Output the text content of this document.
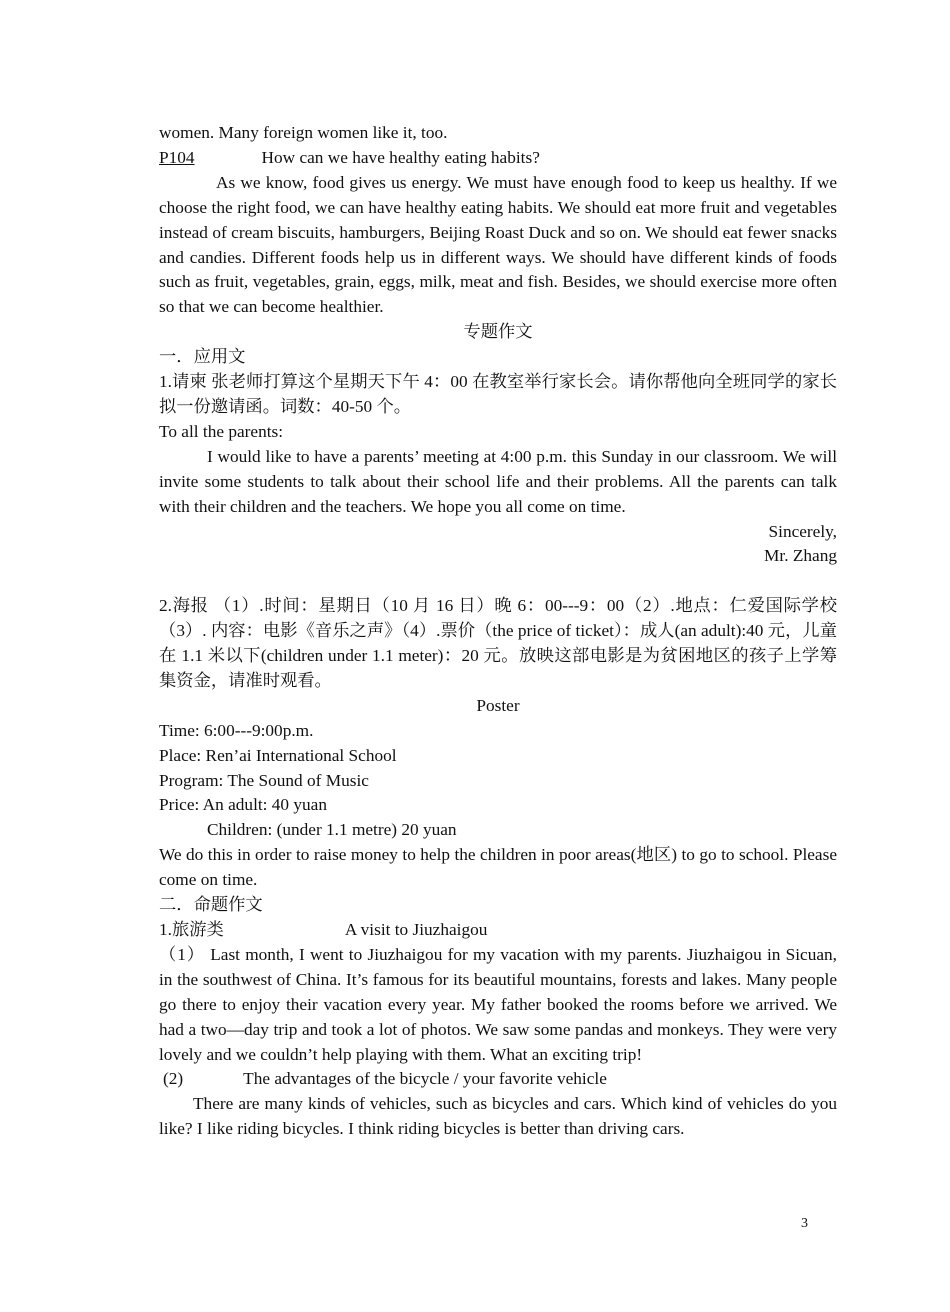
women. Many foreign women like it, too.

P104	How can we have healthy eating habits?

As we know, food gives us energy. We must have enough food to keep us healthy. If we choose the right food, we can have healthy eating habits. We should eat more fruit and vegetables instead of cream biscuits, hamburgers, Beijing Roast Duck and so on. We should eat fewer snacks and candies. Different foods help us in different ways. We should have different kinds of foods such as fruit, vegetables, grain, eggs, milk, meat and fish. Besides, we should exercise more often so that we can become healthier.

专题作文

一．应用文

1.请柬 张老师打算这个星期天下午 4：00 在教室举行家长会。请你帮他向全班同学的家长拟一份邀请函。词数：40-50 个。

To all the parents:

I would like to have a parents’ meeting at 4:00 p.m. this Sunday in our classroom. We will invite some students to talk about their school life and their problems. All the parents can talk with their children and the teachers. We hope you all come on time.

Sincerely,

Mr. Zhang

2.海报 （1）.时间：星期日（10 月 16 日）晚 6：00---9：00（2）.地点：仁爱国际学校（3）. 内容：电影《音乐之声》（4）.票价（the price of ticket）：成人(an adult):40 元，儿童在 1.1 米以下(children under 1.1 meter)：20 元。放映这部电影是为贫困地区的孩子上学筹集资金，请准时观看。

Poster

Time: 6:00---9:00p.m.

Place: Ren’ai International School

Program: The Sound of Music

Price: An adult: 40 yuan

Children: (under 1.1 metre) 20 yuan

We do this in order to raise money to help the children in poor areas(地区) to go to school. Please come on time.

二．命题作文

1.旅游类	A visit to Jiuzhaigou

（1） Last month, I went to Jiuzhaigou for my vacation with my parents. Jiuzhaigou in Sicuan, in the southwest of China. It’s famous for its beautiful mountains, forests and lakes. Many people go there to enjoy their vacation every year. My father booked the rooms before we arrived. We had a two—day trip and took a lot of photos. We saw some pandas and monkeys. They were very lovely and we couldn’t help playing with them. What an exciting trip!

(2)	The advantages of the bicycle / your favorite vehicle

There are many kinds of vehicles, such as bicycles and cars. Which kind of vehicles do you like? I like riding bicycles. I think riding bicycles is better than driving cars.

3
